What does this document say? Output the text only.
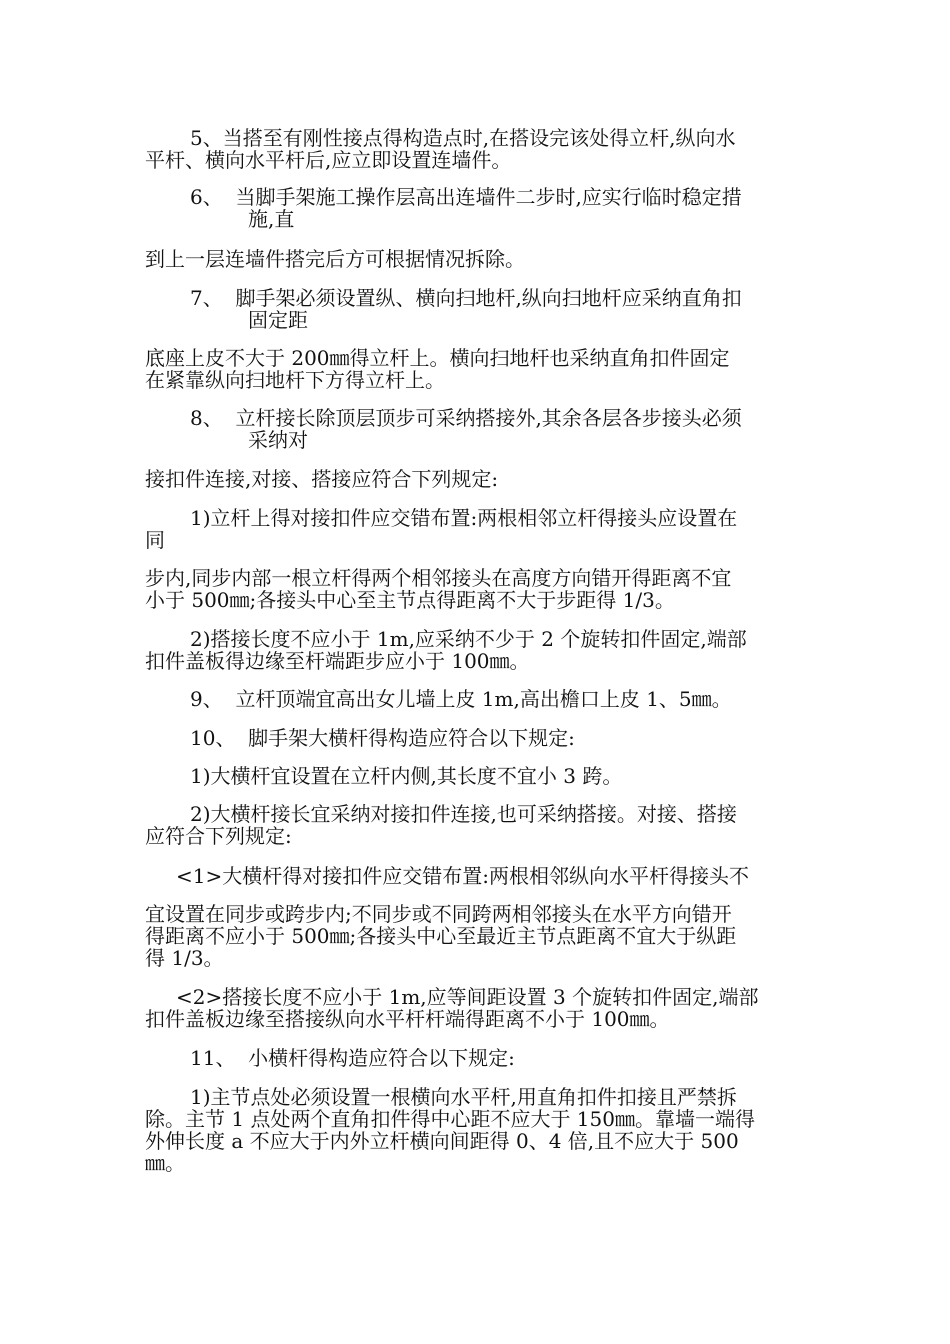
5、当搭至有刚性接点得构造点时,在搭设完该处得立杆,纵向水
平杆、横向水平杆后,应立即设置连墙件。
6、  当脚手架施工操作层高出连墙件二步时,应实行临时稳定措
施,直
到上一层连墙件搭完后方可根据情况拆除。
7、  脚手架必须设置纵、横向扫地杆,纵向扫地杆应采纳直角扣
固定距
底座上皮不大于 200㎜得立杆上。横向扫地杆也采纳直角扣件固定
在紧靠纵向扫地杆下方得立杆上。
8、  立杆接长除顶层顶步可采纳搭接外,其余各层各步接头必须
采纳对
接扣件连接,对接、搭接应符合下列规定:
1)立杆上得对接扣件应交错布置:两根相邻立杆得接头应设置在
同
步内,同步内部一根立杆得两个相邻接头在高度方向错开得距离不宜
小于 500㎜;各接头中心至主节点得距离不大于步距得 1/3。
2)搭接长度不应小于 1m,应采纳不少于 2 个旋转扣件固定,端部
扣件盖板得边缘至杆端距步应小于 100㎜。
9、  立杆顶端宜高出女儿墙上皮 1m,高出檐口上皮 1、5㎜。
10、  脚手架大横杆得构造应符合以下规定:
1)大横杆宜设置在立杆内侧,其长度不宜小 3 跨。
2)大横杆接长宜采纳对接扣件连接,也可采纳搭接。对接、搭接
应符合下列规定:
<1>大横杆得对接扣件应交错布置:两根相邻纵向水平杆得接头不
宜设置在同步或跨步内;不同步或不同跨两相邻接头在水平方向错开
得距离不应小于 500㎜;各接头中心至最近主节点距离不宜大于纵距
得 1/3。
<2>搭接长度不应小于 1m,应等间距设置 3 个旋转扣件固定,端部
扣件盖板边缘至搭接纵向水平杆杆端得距离不小于 100㎜。
11、  小横杆得构造应符合以下规定:
1)主节点处必须设置一根横向水平杆,用直角扣件扣接且严禁拆
除。主节 1 点处两个直角扣件得中心距不应大于 150㎜。靠墙一端得
外伸长度 a 不应大于内外立杆横向间距得 0、4 倍,且不应大于 500
㎜。
